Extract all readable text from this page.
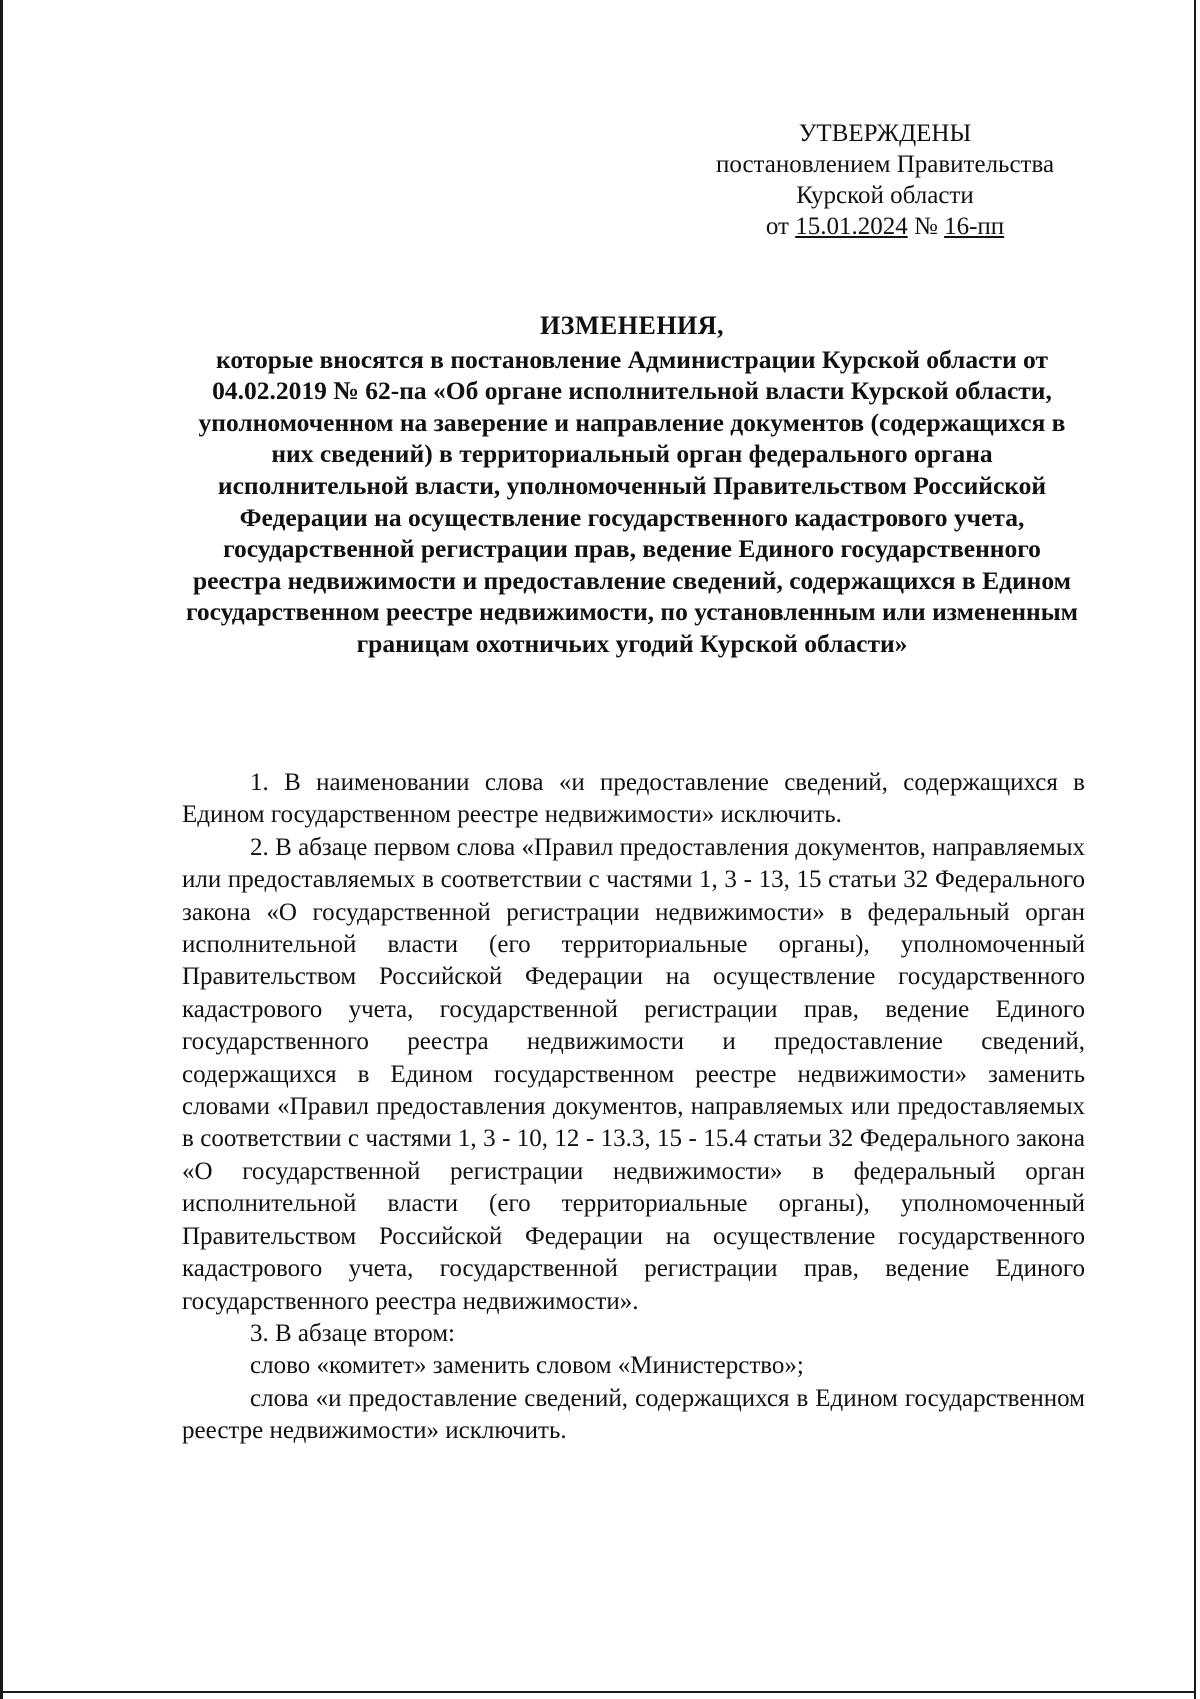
УТВЕРЖДЕНЫ
постановлением Правительства
Курской области
от 15.01.2024 № 16-пп
ИЗМЕНЕНИЯ,
которые вносятся в постановление Администрации Курской области от 04.02.2019 № 62-па «Об органе исполнительной власти Курской области, уполномоченном на заверение и направление документов (содержащихся в них сведений) в территориальный орган федерального органа исполнительной власти, уполномоченный Правительством Российской Федерации на осуществление государственного кадастрового учета, государственной регистрации прав, ведение Единого государственного реестра недвижимости и предоставление сведений, содержащихся в Едином государственном реестре недвижимости, по установленным или измененным границам охотничьих угодий Курской области»

1. В наименовании слова «и предоставление сведений, содержащихся в Едином государственном реестре недвижимости» исключить.

2. В абзаце первом слова «Правил предоставления документов, направляемых или предоставляемых в соответствии с частями 1, 3 - 13, 15 статьи 32 Федерального закона «О государственной регистрации недвижимости» в федеральный орган исполнительной власти (его территориальные органы), уполномоченный Правительством Российской Федерации на осуществление государственного кадастрового учета, государственной регистрации прав, ведение Единого государственного реестра недвижимости и предоставление сведений, содержащихся в Едином государственном реестре недвижимости» заменить словами «Правил предоставления документов, направляемых или предоставляемых в соответствии с частями 1, 3 - 10, 12 - 13.3, 15 - 15.4 статьи 32 Федерального закона «О государственной регистрации недвижимости» в федеральный орган исполнительной власти (его территориальные органы), уполномоченный Правительством Российской Федерации на осуществление государственного кадастрового учета, государственной регистрации прав, ведение Единого государственного реестра недвижимости».

3. В абзаце втором:

слово «комитет» заменить словом «Министерство»;

слова «и предоставление сведений, содержащихся в Едином государственном реестре недвижимости» исключить.
